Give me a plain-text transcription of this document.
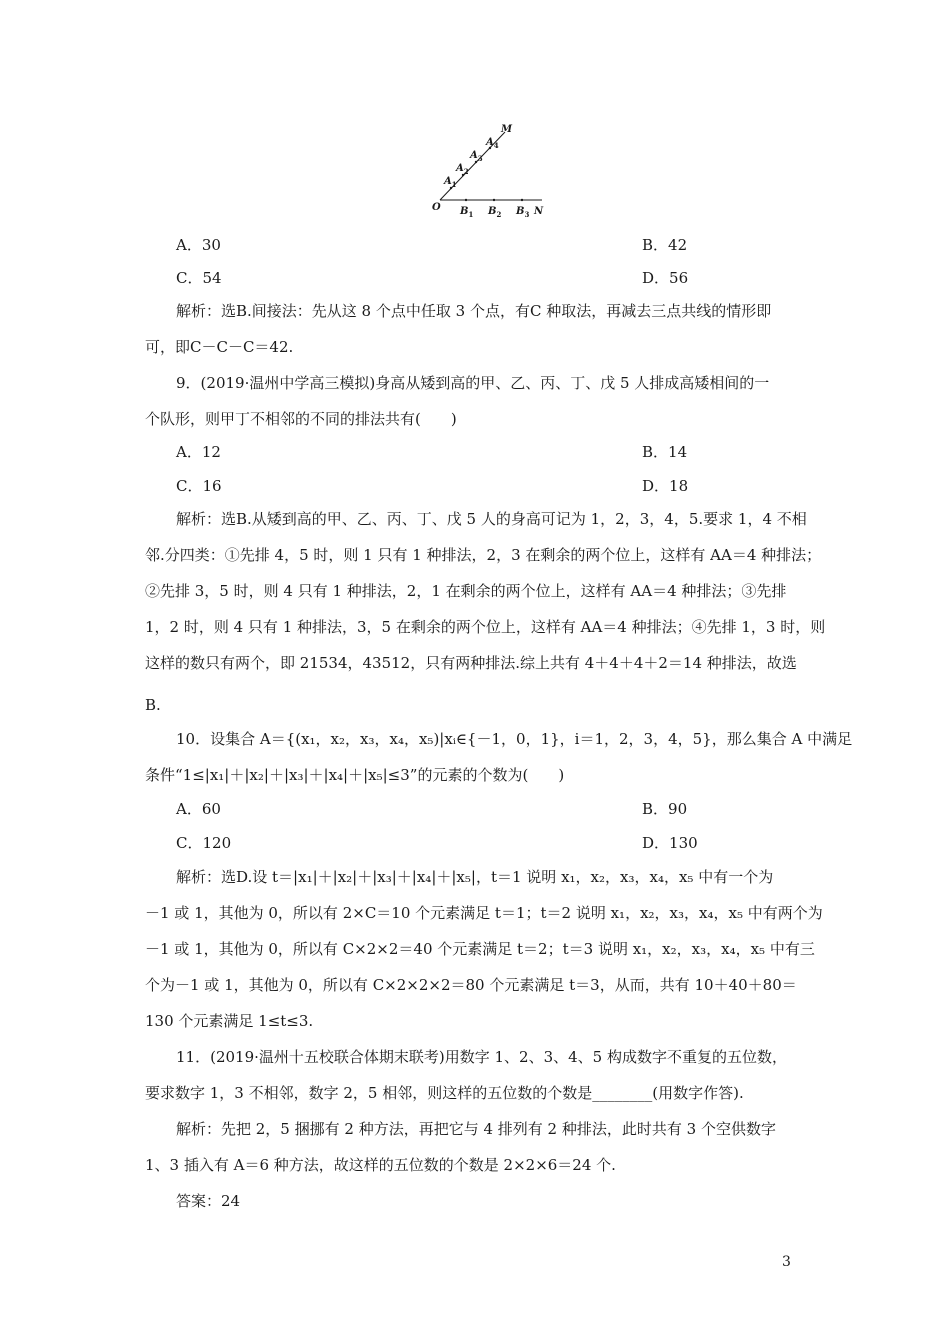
M
O	N
$A_1$
$A_2$
$A_3$
$A_4$
$B_1$ $B_2$ $B_3$
A．30	B．42
C．54	D．56
解析：选B.间接法：先从这 8 个点中任取 3 个点，有C 种取法，再减去三点共线的情形即
可，即C－C－C＝42.
9．(2019·温州中学高三模拟)身高从矮到高的甲、乙、丙、丁、戊 5 人排成高矮相间的一
个队形，则甲丁不相邻的不同的排法共有(　　)
A．12	B．14
C．16	D．18
解析：选B.从矮到高的甲、乙、丙、丁、戊 5 人的身高可记为 1，2，3，4，5.要求 1，4 不相
邻.分四类：①先排 4，5 时，则 1 只有 1 种排法，2，3 在剩余的两个位上，这样有 AA＝4 种排法；
②先排 3，5 时，则 4 只有 1 种排法，2，1 在剩余的两个位上，这样有 AA＝4 种排法；③先排
1，2 时，则 4 只有 1 种排法，3，5 在剩余的两个位上，这样有 AA＝4 种排法；④先排 1，3 时，则
这样的数只有两个，即 21534，43512，只有两种排法.综上共有 4＋4＋4＋2＝14 种排法，故选
B.
10．设集合 A＝{(x₁，x₂，x₃，x₄，x₅)|xᵢ∈{－1，0，1}，i＝1，2，3，4，5}，那么集合 A 中满足
条件“1≤|x₁|＋|x₂|＋|x₃|＋|x₄|＋|x₅|≤3”的元素的个数为(　　)
A．60	B．90
C．120	D．130
解析：选D.设 t＝|x₁|＋|x₂|＋|x₃|＋|x₄|＋|x₅|，t＝1 说明 x₁，x₂，x₃，x₄，x₅ 中有一个为
－1 或 1，其他为 0，所以有 2×C＝10 个元素满足 t＝1；t＝2 说明 x₁，x₂，x₃，x₄，x₅ 中有两个为
－1 或 1，其他为 0，所以有 C×2×2＝40 个元素满足 t＝2；t＝3 说明 x₁，x₂，x₃，x₄，x₅ 中有三
个为－1 或 1，其他为 0，所以有 C×2×2×2＝80 个元素满足 t＝3，从而，共有 10＋40＋80＝
130 个元素满足 1≤t≤3.
11．(2019·温州十五校联合体期末联考)用数字 1、2、3、4、5 构成数字不重复的五位数，
要求数字 1，3 不相邻，数字 2，5 相邻，则这样的五位数的个数是________(用数字作答).
解析：先把 2，5 捆挪有 2 种方法，再把它与 4 排列有 2 种排法，此时共有 3 个空供数字
1、3 插入有 A＝6 种方法，故这样的五位数的个数是 2×2×6＝24 个.
答案：24
3
